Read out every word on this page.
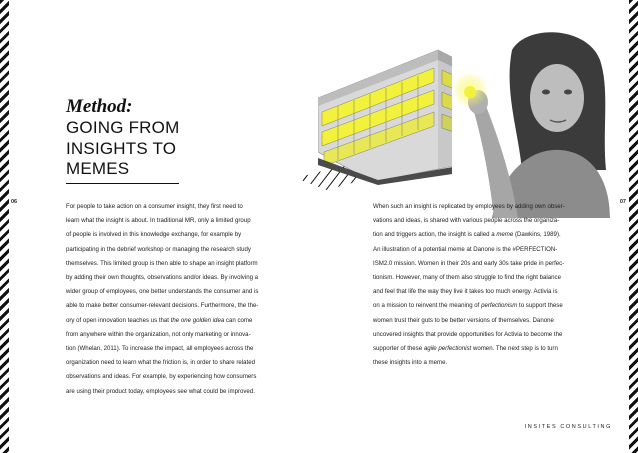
Method:
GOING FROM
INSIGHTS TO
MEMES
06	07

For people to take action on a consumer insight, they first need to
learn what the insight is about. In traditional MR, only a limited group
of people is involved in this knowledge exchange, for example by
participating in the debrief workshop or managing the research study
themselves. This limited group is then able to shape an insight platform
by adding their own thoughts, observations and/or ideas. By involving a
wider group of employees, one better understands the consumer and is
able to make better consumer-relevant decisions. Furthermore, the the-
ory of open innovation teaches us that the one golden idea can come
from anywhere within the organization, not only marketing or innova-
tion (Whelan, 2011). To increase the impact, all employees across the
organization need to learn what the friction is, in order to share related
observations and ideas. For example, by experiencing how consumers
are using their product today, employees see what could be improved.

When such an insight is replicated by employees by adding own obser-
vations and ideas, is shared with various people across the organiza-
tion and triggers action, the insight is called a meme (Dawkins, 1989).
An illustration of a potential meme at Danone is the #PERFECTION-
ISM2.0 mission. Women in their 20s and early 30s take pride in perfec-
tionism. However, many of them also struggle to find the right balance
and feel that life the way they live it takes too much energy. Activia is
on a mission to reinvent the meaning of perfectionism to support these
women trust their guts to be better versions of themselves. Danone
uncovered insights that provide opportunities for Activia to become the
supporter of these agile perfectionist women. The next step is to turn
these insights into a meme.

INSITES CONSULTING
